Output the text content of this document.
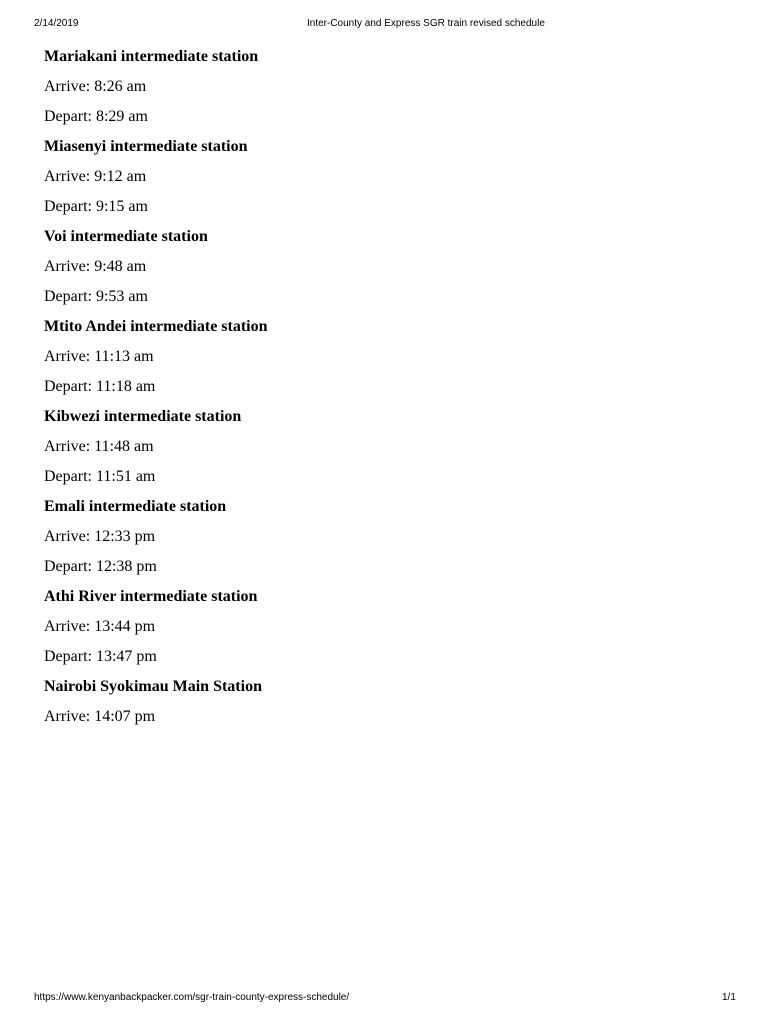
2/14/2019	Inter-County and Express SGR train revised schedule
Mariakani intermediate station
Arrive: 8:26 am
Depart: 8:29 am
Miasenyi intermediate station
Arrive: 9:12 am
Depart: 9:15 am
Voi intermediate station
Arrive: 9:48 am
Depart: 9:53 am
Mtito Andei intermediate station
Arrive: 11:13 am
Depart: 11:18 am
Kibwezi intermediate station
Arrive: 11:48 am
Depart: 11:51 am
Emali intermediate station
Arrive: 12:33 pm
Depart: 12:38 pm
Athi River intermediate station
Arrive: 13:44 pm
Depart: 13:47 pm
Nairobi Syokimau Main Station
Arrive: 14:07 pm
https://www.kenyanbackpacker.com/sgr-train-county-express-schedule/	1/1
